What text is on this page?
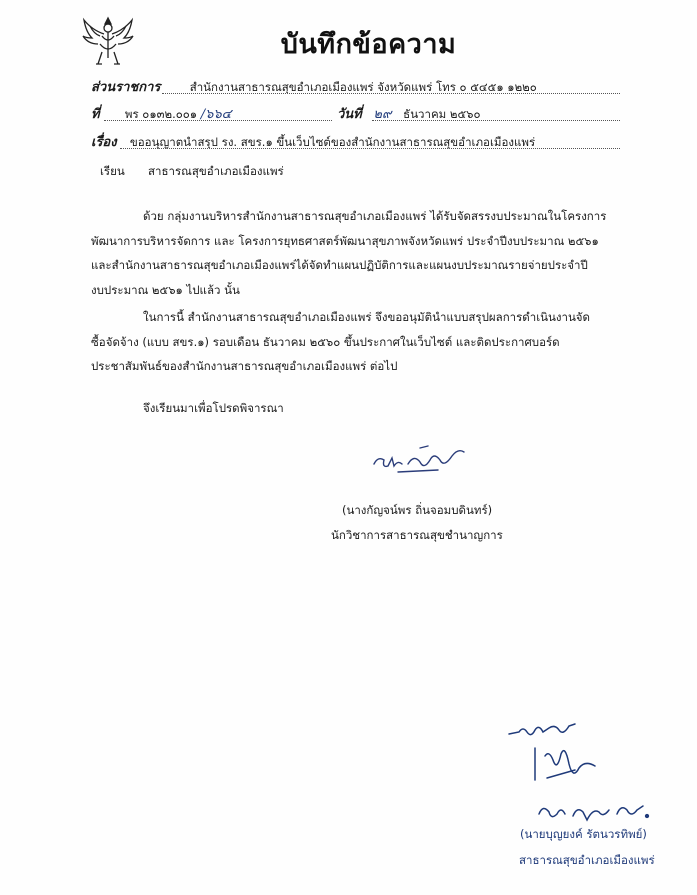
บันทึกข้อความ
ส่วนราชการ	สำนักงานสาธารณสุขอำเภอเมืองแพร่ จังหวัดแพร่ โทร ๐ ๕๔๕๑ ๑๒๒๐
ที่ พร ๐๑๓๒.๐๐๑ /๖๖๔	วันที่ ๒๙ ธันวาคม ๒๕๖๐
เรื่อง ขออนุญาตนำสรุป รง. สขร.๑ ขึ้นเว็บไซต์ของสำนักงานสาธารณสุขอำเภอเมืองแพร่
เรียน สาธารณสุขอำเภอเมืองแพร่
ด้วย กลุ่มงานบริหารสำนักงานสาธารณสุขอำเภอเมืองแพร่ ได้รับจัดสรรงบประมาณในโครงการ
พัฒนาการบริหารจัดการ และ โครงการยุทธศาสตร์พัฒนาสุขภาพจังหวัดแพร่ ประจำปีงบประมาณ ๒๕๖๑
และสำนักงานสาธารณสุขอำเภอเมืองแพร่ได้จัดทำแผนปฏิบัติการและแผนงบประมาณรายจ่ายประจำปี
งบประมาณ ๒๕๖๑ ไปแล้ว นั้น
ในการนี้ สำนักงานสาธารณสุขอำเภอเมืองแพร่ จึงขออนุมัตินำแบบสรุปผลการดำเนินงานจัด
ซื้อจัดจ้าง (แบบ สขร.๑) รอบเดือน ธันวาคม ๒๕๖๐ ขึ้นประกาศในเว็บไซต์ และติดประกาศบอร์ด
ประชาสัมพันธ์ของสำนักงานสาธารณสุขอำเภอเมืองแพร่ ต่อไป
จึงเรียนมาเพื่อโปรดพิจารณา
(นางกัญจน์พร ถิ่นจอมบดินทร์)
นักวิชาการสาธารณสุขชำนาญการ
(นายบุญยงค์ รัตนวรทิพย์)
สาธารณสุขอำเภอเมืองแพร่
